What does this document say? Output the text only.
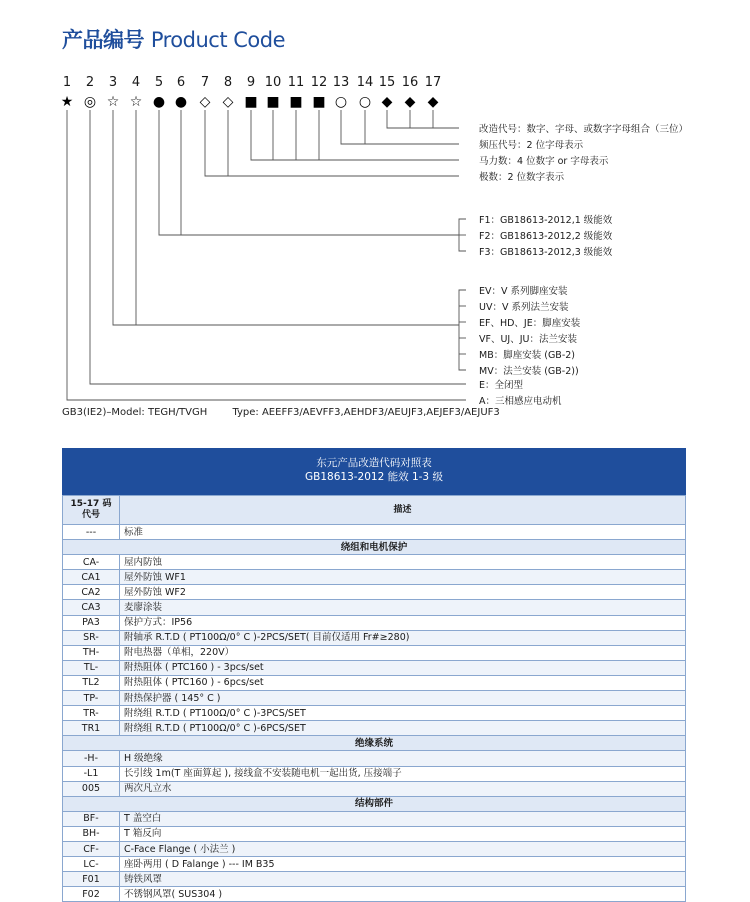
产品编号 Product Code
1 2 3 4 5 6 7 8 9 10 11 12 13 14 15 16 17
★ ◎ ☆ ☆ ● ● ◇ ◇ ■ ■ ■ ■ ○ ○ ◆ ◆ ◆
改造代号：数字、字母、或数字字母组合（三位）
频压代号：2 位字母表示
马力数：4 位数字 or 字母表示
极数：2 位数字表示
F1：GB18613-2012,1 级能效
F2：GB18613-2012,2 级能效
F3：GB18613-2012,3 级能效
EV：V 系列脚座安装
UV：V 系列法兰安装
EF、HD、JE：脚座安装
VF、UJ、JU：法兰安装
MB：脚座安装 (GB-2)
MV：法兰安装 (GB-2))
E：全闭型
A：三相感应电动机
GB3(IE2)–Model: TEGH/TVGH	Type: AEEFF3/AEVFF3,AEHDF3/AEUJF3,AEJEF3/AEJUF3
东元产品改造代码对照表
GB18613-2012 能效 1-3 级
15-17 码
代号	描述
---	标准
绕组和电机保护	
CA-	屋内防蚀
CA1	屋外防蚀 WF1
CA2	屋外防蚀 WF2
CA3	麦廖涂装
PA3	保护方式：IP56
SR-	附轴承 R.T.D ( PT100Ω/0° C )-2PCS/SET( 目前仅适用 Fr#≥280)
TH-	附电热器（单相，220V）
TL-	附热阻体 ( PTC160 ) - 3pcs/set
TL2	附热阻体 ( PTC160 ) - 6pcs/set
TP-	附热保护器 ( 145° C )
TR-	附绕组 R.T.D ( PT100Ω/0° C )-3PCS/SET
TR1	附绕组 R.T.D ( PT100Ω/0° C )-6PCS/SET
绝缘系统	
-H-	H 级绝缘
-L1	长引线 1m(T 座面算起 ), 接线盒不安装随电机一起出货, 压接端子
005	两次凡立水
结构部件	
BF-	T 盖空白
BH-	T 箱反向
CF-	C-Face Flange ( 小法兰 )
LC-	座卧两用 ( D Falange ) --- IM B35
F01	铸铁风罩
F02	不锈钢风罩( SUS304 )
